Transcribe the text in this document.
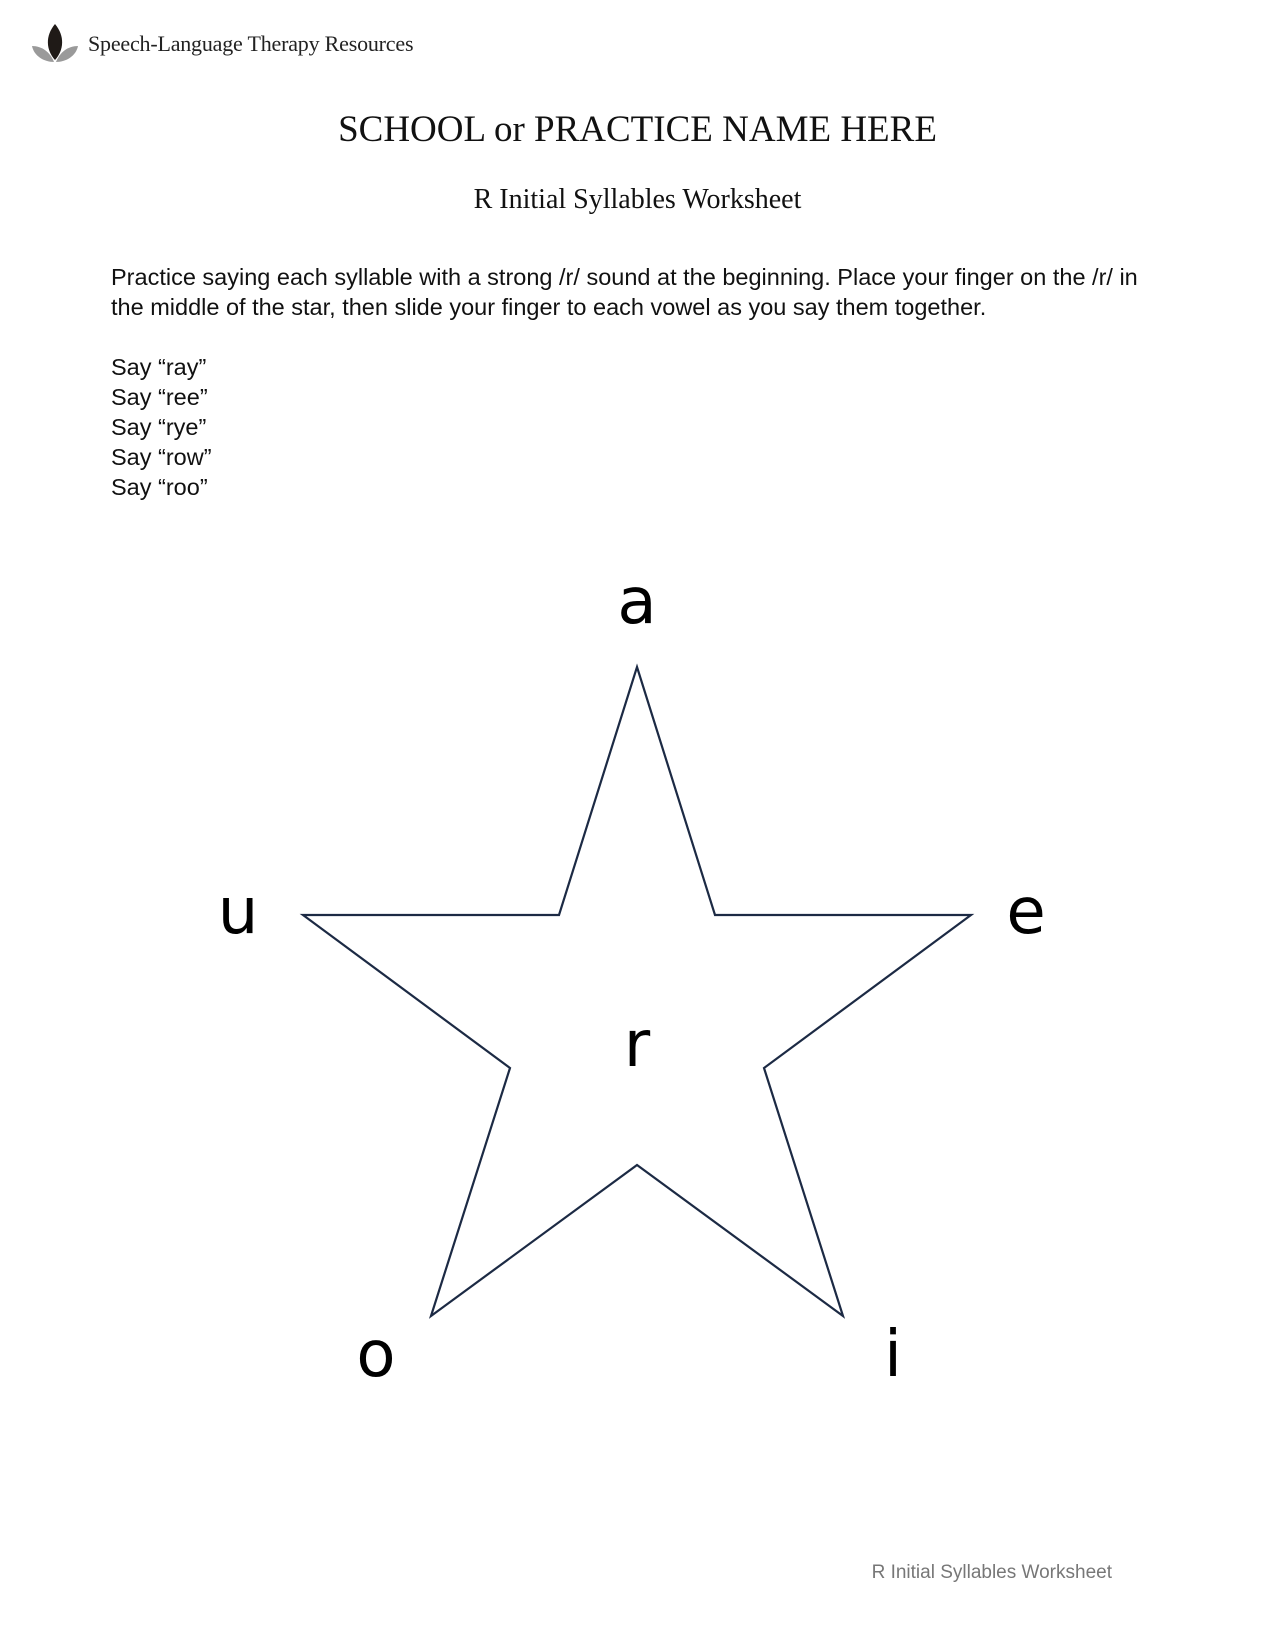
Speech-Language Therapy Resources
SCHOOL or PRACTICE NAME HERE
R Initial Syllables Worksheet
Practice saying each syllable with a strong /r/ sound at the beginning. Place your finger on the /r/ in the middle of the star, then slide your finger to each vowel as you say them together.
Say “ray”
Say “ree”
Say “rye”
Say “row”
Say “roo”
a
e
i
o
u
r
R Initial Syllables Worksheet
